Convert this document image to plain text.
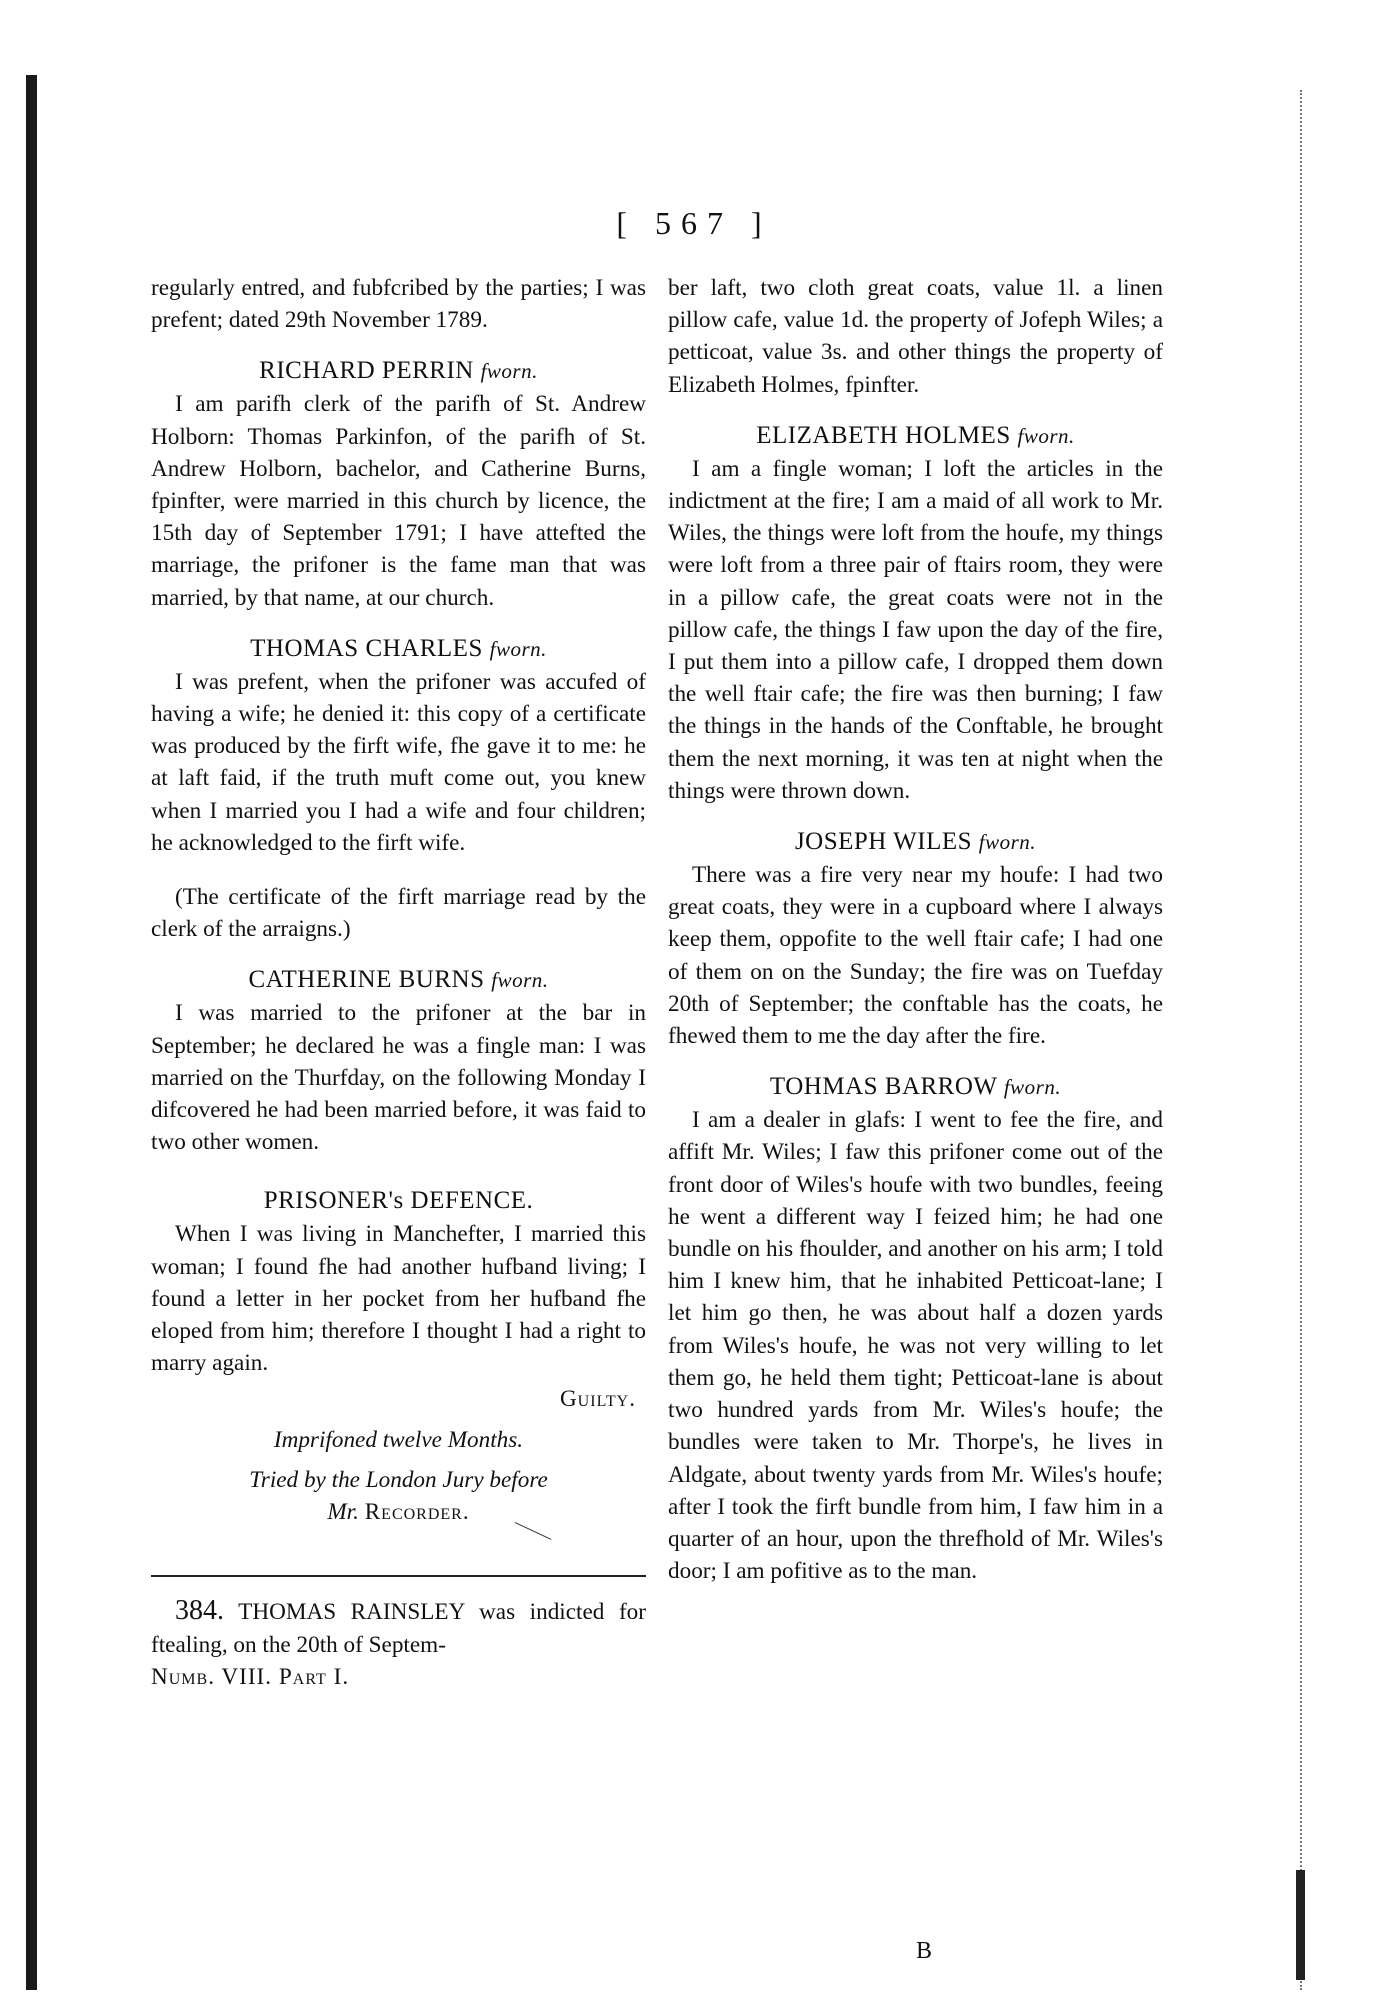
[ 567 ]

regularly entred, and fubfcribed by the parties; I was prefent; dated 29th November 1789.

RICHARD PERRIN fworn.

I am parifh clerk of the parifh of St. Andrew Holborn: Thomas Parkinfon, of the parifh of St. Andrew Holborn, bachelor, and Catherine Burns, fpinfter, were married in this church by licence, the 15th day of September 1791; I have attefted the marriage, the prifoner is the fame man that was married, by that name, at our church.

THOMAS CHARLES fworn.

I was prefent, when the prifoner was accufed of having a wife; he denied it: this copy of a certificate was produced by the firft wife, fhe gave it to me: he at laft faid, if the truth muft come out, you knew when I married you I had a wife and four children; he acknowledged to the firft wife.

(The certificate of the firft marriage read by the clerk of the arraigns.)

CATHERINE BURNS fworn.

I was married to the prifoner at the bar in September; he declared he was a fingle man: I was married on the Thurfday, on the following Monday I difcovered he had been married before, it was faid to two other women.

PRISONER's DEFENCE.

When I was living in Manchefter, I married this woman; I found fhe had another hufband living; I found a letter in her pocket from her hufband fhe eloped from him; therefore I thought I had a right to marry again.

Guilty.
Imprifoned twelve Months.
Tried by the London Jury before
Mr. Recorder.

384. THOMAS RAINSLEY was indicted for ftealing, on the 20th of Septem-

Numb. VIII. Part I.

ber laft, two cloth great coats, value 1l. a linen pillow cafe, value 1d. the property of Jofeph Wiles; a petticoat, value 3s. and other things the property of Elizabeth Holmes, fpinfter.

ELIZABETH HOLMES fworn.

I am a fingle woman; I loft the articles in the indictment at the fire; I am a maid of all work to Mr. Wiles, the things were loft from the houfe, my things were loft from a three pair of ftairs room, they were in a pillow cafe, the great coats were not in the pillow cafe, the things I faw upon the day of the fire, I put them into a pillow cafe, I dropped them down the well ftair cafe; the fire was then burning; I faw the things in the hands of the Conftable, he brought them the next morning, it was ten at night when the things were thrown down.

JOSEPH WILES fworn.

There was a fire very near my houfe: I had two great coats, they were in a cupboard where I always keep them, oppofite to the well ftair cafe; I had one of them on on the Sunday; the fire was on Tuefday 20th of September; the conftable has the coats, he fhewed them to me the day after the fire.

TOHMAS BARROW fworn.

I am a dealer in glafs: I went to fee the fire, and affift Mr. Wiles; I faw this prifoner come out of the front door of Wiles's houfe with two bundles, feeing he went a different way I feized him; he had one bundle on his fhoulder, and another on his arm; I told him I knew him, that he inhabited Petticoat-lane; I let him go then, he was about half a dozen yards from Wiles's houfe, he was not very willing to let them go, he held them tight; Petticoat-lane is about two hundred yards from Mr. Wiles's houfe; the bundles were taken to Mr. Thorpe's, he lives in Aldgate, about twenty yards from Mr. Wiles's houfe; after I took the firft bundle from him, I faw him in a quarter of an hour, upon the threfhold of Mr. Wiles's door; I am pofitive as to the man.

B
